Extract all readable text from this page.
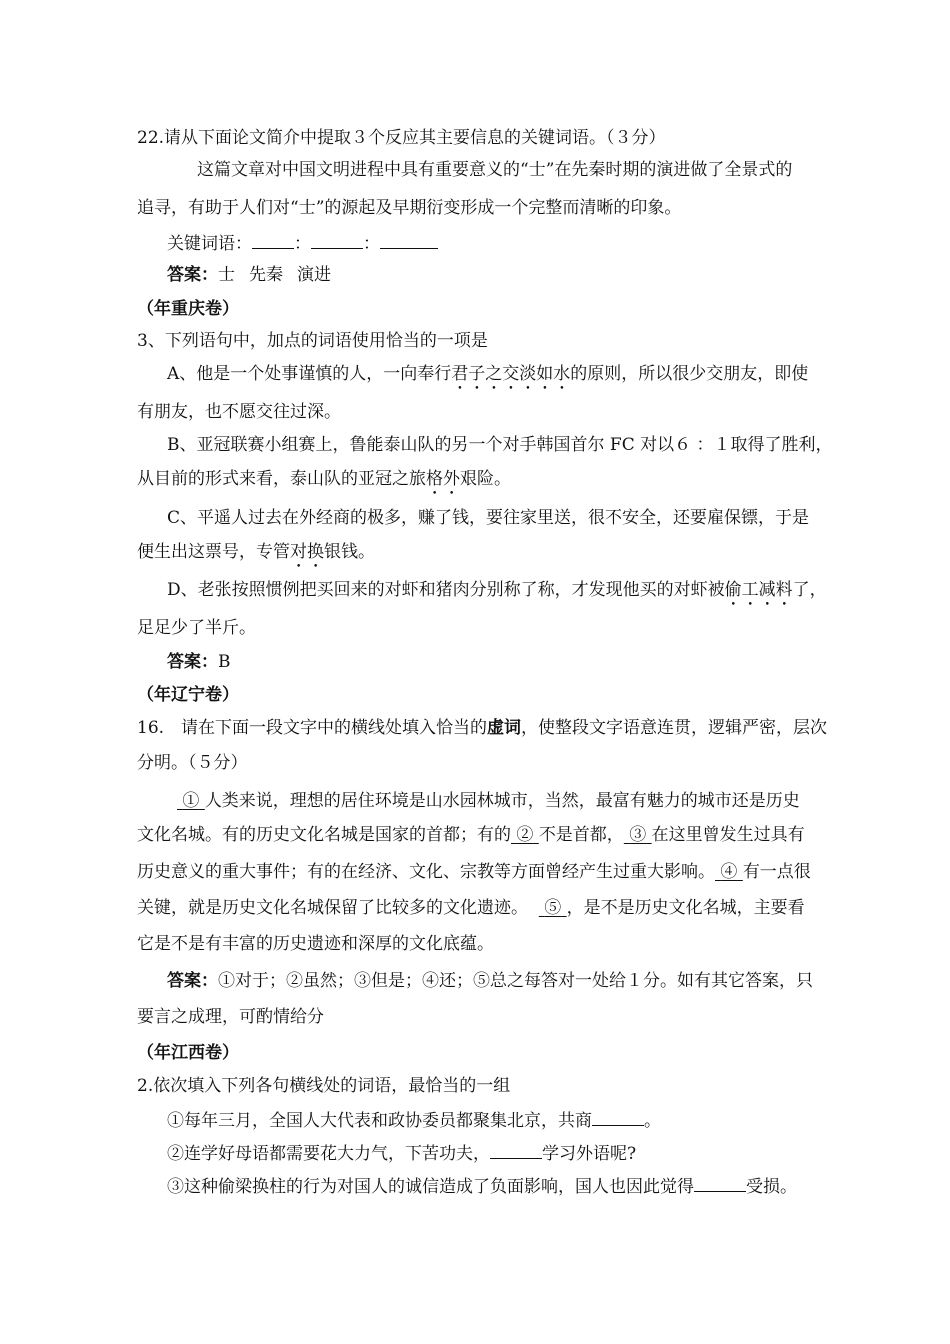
22.请从下面论文简介中提取３个反应其主要信息的关键词语。（３分）
这篇文章对中国文明进程中具有重要意义的“士”在先秦时期的演进做了全景式的
追寻，有助于人们对“士”的源起及早期衍变形成一个完整而清晰的印象。
关键词语： ：	：
答案：士 先秦 演进
（年重庆卷）
3、下列语句中，加点的词语使用恰当的一项是
A、他是一个处事谨慎的人，一向奉行君子之交淡如水的原则，所以很少交朋友，即使
有朋友，也不愿交往过深。
B、亚冠联赛小组赛上，鲁能泰山队的另一个对手韩国首尔 FC 对以６ ：１取得了胜利，
从目前的形式来看，泰山队的亚冠之旅格外艰险。
C、平遥人过去在外经商的极多，赚了钱，要往家里送，很不安全，还要雇保镖，于是
便生出这票号，专管对换银钱。
D、老张按照惯例把买回来的对虾和猪肉分别称了称，才发现他买的对虾被偷工减料了，
足足少了半斤。
答案：B
（年辽宁卷）
16.　请在下面一段文字中的横线处填入恰当的虚词，使整段文字语意连贯，逻辑严密，层次
分明。（５分）
① 人类来说，理想的居住环境是山水园林城市，当然，最富有魅力的城市还是历史
文化名城。有的历史文化名城是国家的首都；有的 ② 不是首都， ③ 在这里曾发生过具有
历史意义的重大事件；有的在经济、文化、宗教等方面曾经产生过重大影响。 ④ 有一点很
关键，就是历史文化名城保留了比较多的文化遗迹。 ⑤ ，是不是历史文化名城，主要看
它是不是有丰富的历史遗迹和深厚的文化底蕴。
答案：①对于；②虽然；③但是；④还；⑤总之每答对一处给１分。如有其它答案，只
要言之成理，可酌情给分
（年江西卷）
2.依次填入下列各句横线处的词语，最恰当的一组
①每年三月，全国人大代表和政协委员都聚集北京，共商	。
②连学好母语都需要花大力气，下苦功夫，	学习外语呢?
③这种偷梁换柱的行为对国人的诚信造成了负面影响，国人也因此觉得	受损。
